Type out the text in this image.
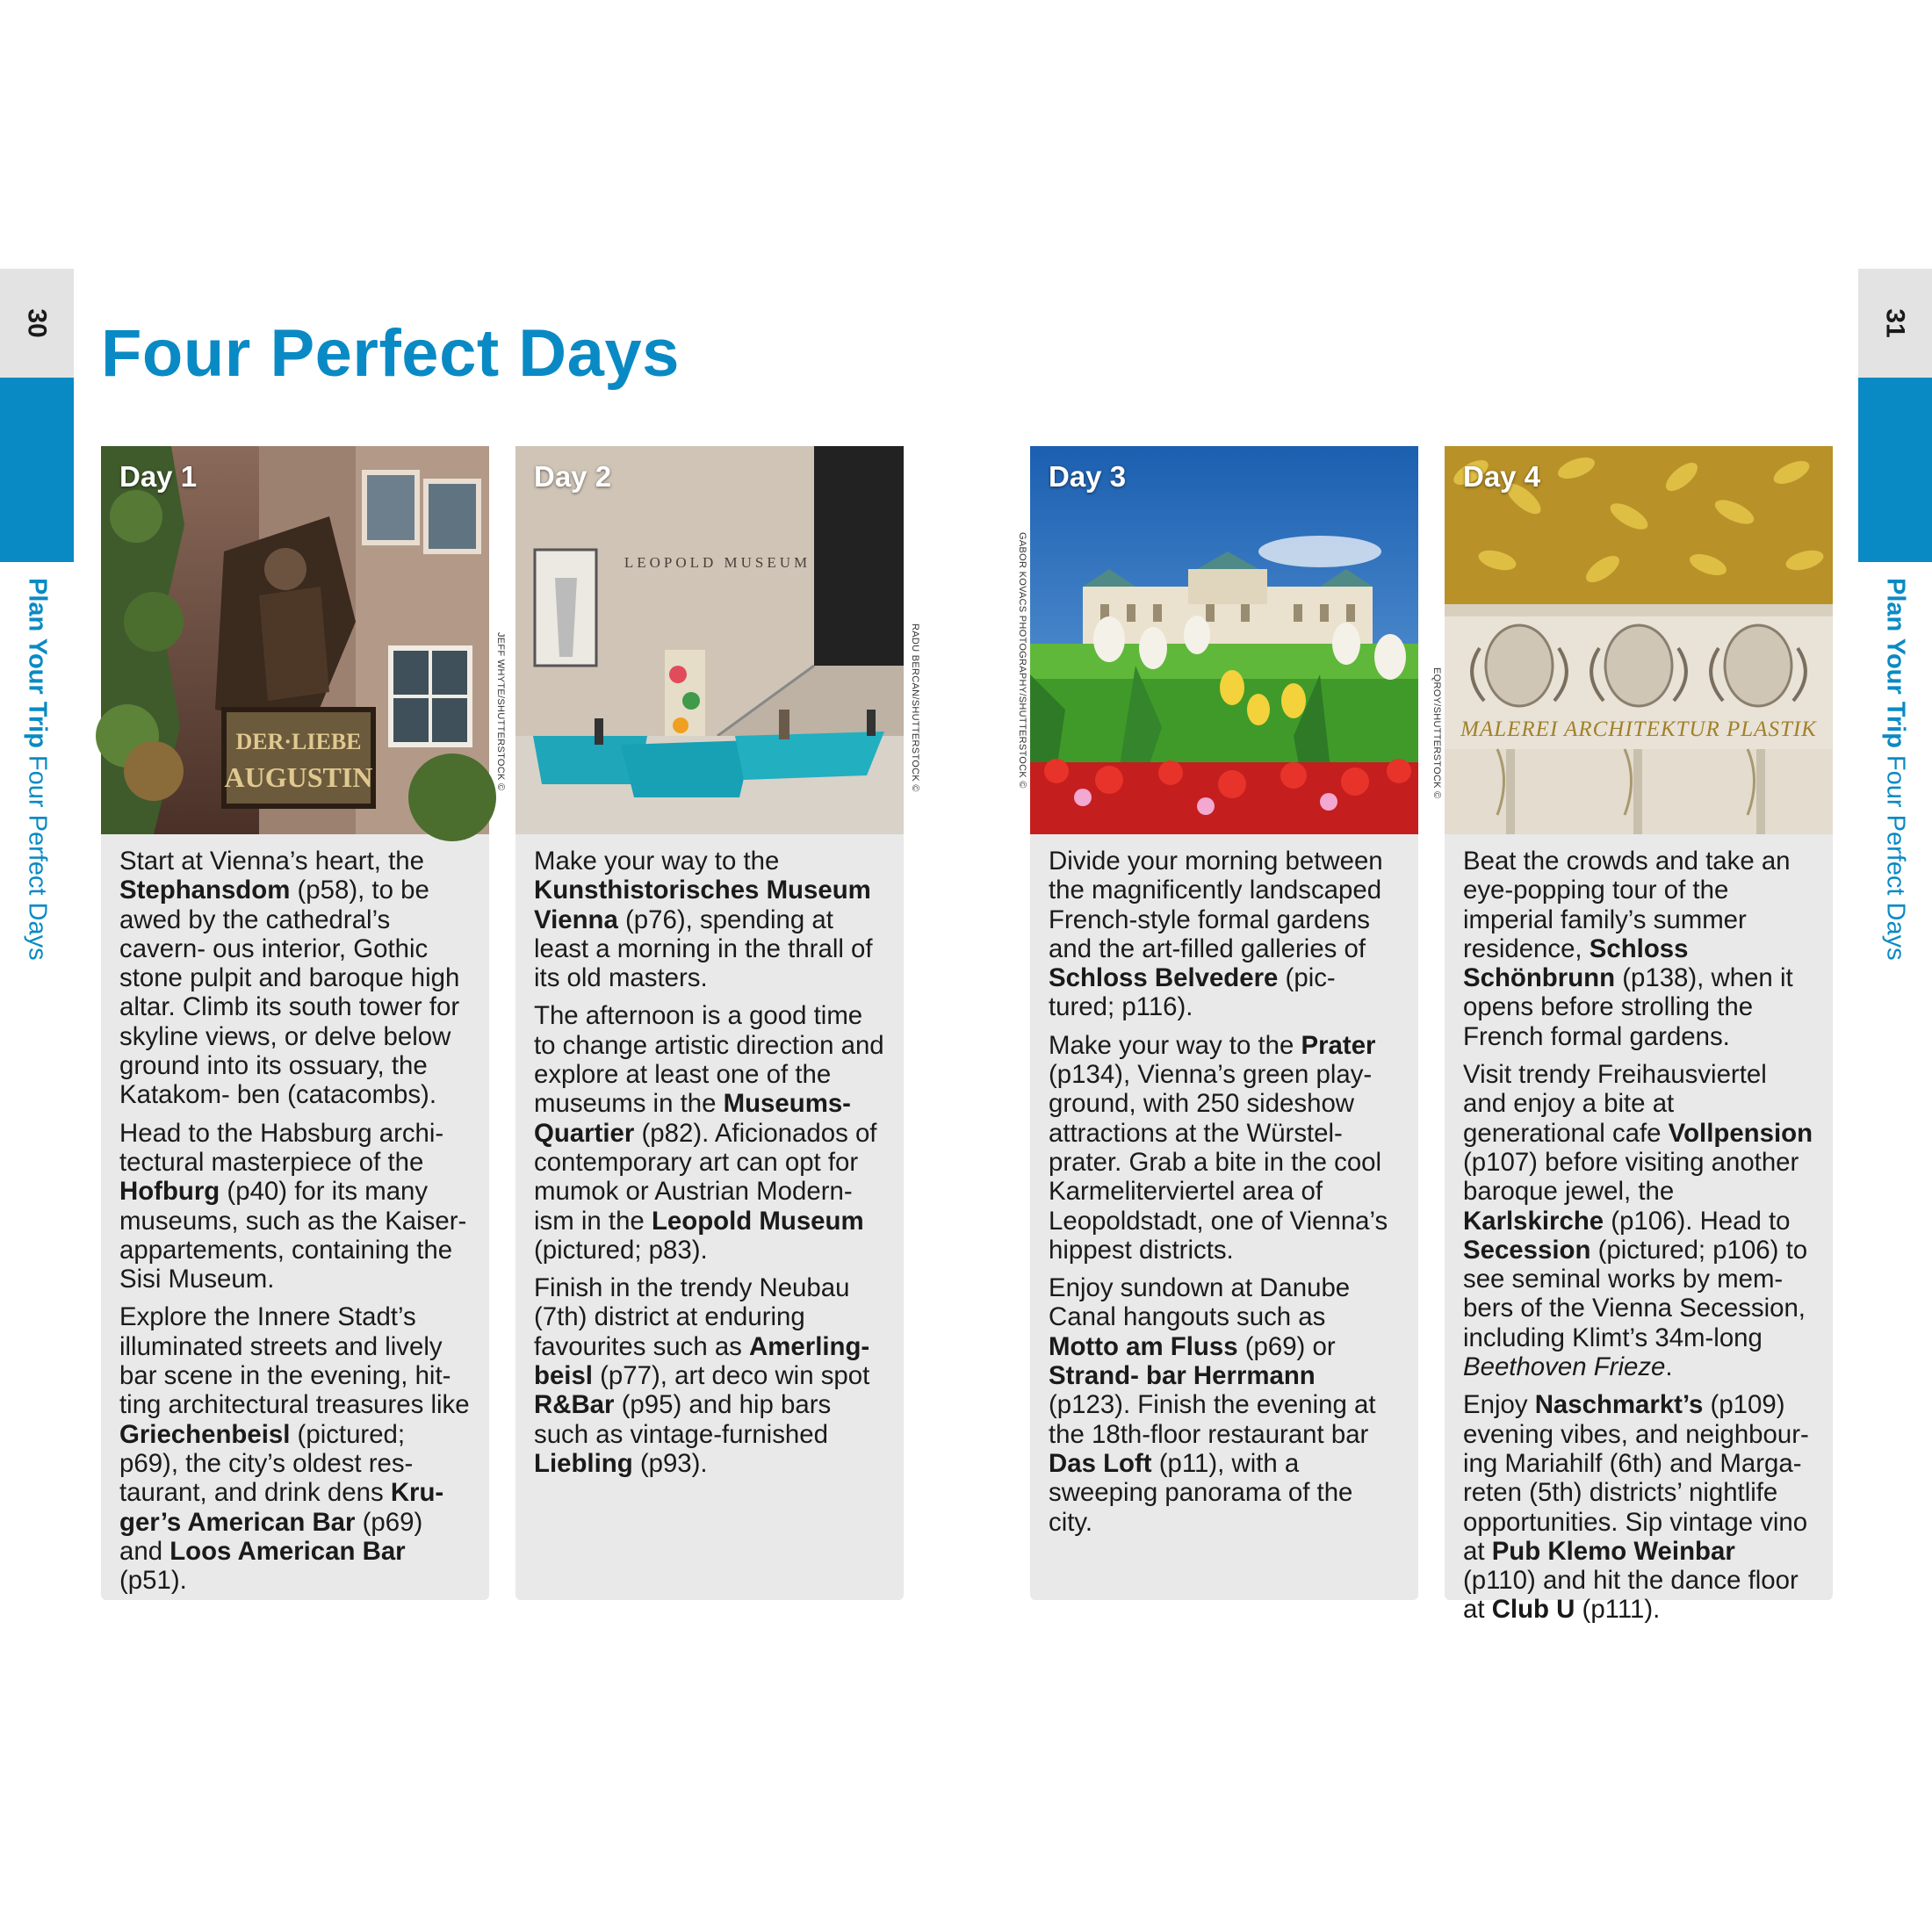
30
Plan Your TripFour Perfect Days
31
Plan Your TripFour Perfect Days
Four Perfect Days
DER·LIEBE
AUGUSTIN
Day 1

Start at Vienna’s heart, the Stephansdom (p58), to be awed by the cathedral’s cavern- ous interior, Gothic stone pulpit and baroque high altar. Climb its south tower for skyline views, or delve below ground into its ossuary, the Katakom- ben (catacombs).

Head to the Habsburg archi- tectural masterpiece of the Hofburg (p40) for its many museums, such as the Kaiser- appartements, containing the Sisi Museum.

Explore the Innere Stadt’s illuminated streets and lively bar scene in the evening, hit- ting architectural treasures like Griechenbeisl (pictured; p69), the city’s oldest res- taurant, and drink dens Kru- ger’s American Bar (p69) and Loos American Bar (p51).

JEFF WHYTE/SHUTTERSTOCK ©
LEOPOLD MUSEUM
Day 2

Make your way to the Kunsthistorisches Museum Vienna (p76), spending at least a morning in the thrall of its old masters.

The afternoon is a good time to change artistic direction and explore at least one of the museums in the Museums- Quartier (p82). Aficionados of contemporary art can opt for mumok or Austrian Modern- ism in the Leopold Museum (pictured; p83).

Finish in the trendy Neubau (7th) district at enduring favourites such as Amerling- beisl (p77), art deco win spot R&Bar (p95) and hip bars such as vintage-furnished Liebling (p93).

RADU BERCAN/SHUTTERSTOCK ©	GABOR KOVACS PHOTOGRAPHY/SHUTTERSTOCK ©
Day 3

Divide your morning between the magnificently landscaped French-style formal gardens and the art-filled galleries of Schloss Belvedere (pic- tured; p116).

Make your way to the Prater (p134), Vienna’s green play- ground, with 250 sideshow attractions at the Würstel- prater. Grab a bite in the cool Karmeliterviertel area of Leopoldstadt, one of Vienna’s hippest districts.

Enjoy sundown at Danube Canal hangouts such as Motto am Fluss (p69) or Strand- bar Herrmann (p123). Finish the evening at the 18th-floor restaurant bar Das Loft (p11), with a sweeping panorama of the city.

EQROY/SHUTTERSTOCK © MALEREI ARCHITEKTUR PLASTIK
Day 4

Beat the crowds and take an eye-popping tour of the imperial family’s summer residence, Schloss Schönbrunn (p138), when it opens before strolling the French formal gardens.

Visit trendy Freihausviertel and enjoy a bite at generational cafe Vollpension (p107) before visiting another baroque jewel, the Karlskirche (p106). Head to Secession (pictured; p106) to see seminal works by mem- bers of the Vienna Secession, including Klimt’s 34m-long Beethoven Frieze.

Enjoy Naschmarkt’s (p109) evening vibes, and neighbour- ing Mariahilf (6th) and Marga- reten (5th) districts’ nightlife opportunities. Sip vintage vino at Pub Klemo Weinbar (p110) and hit the dance floor at Club U (p111).
